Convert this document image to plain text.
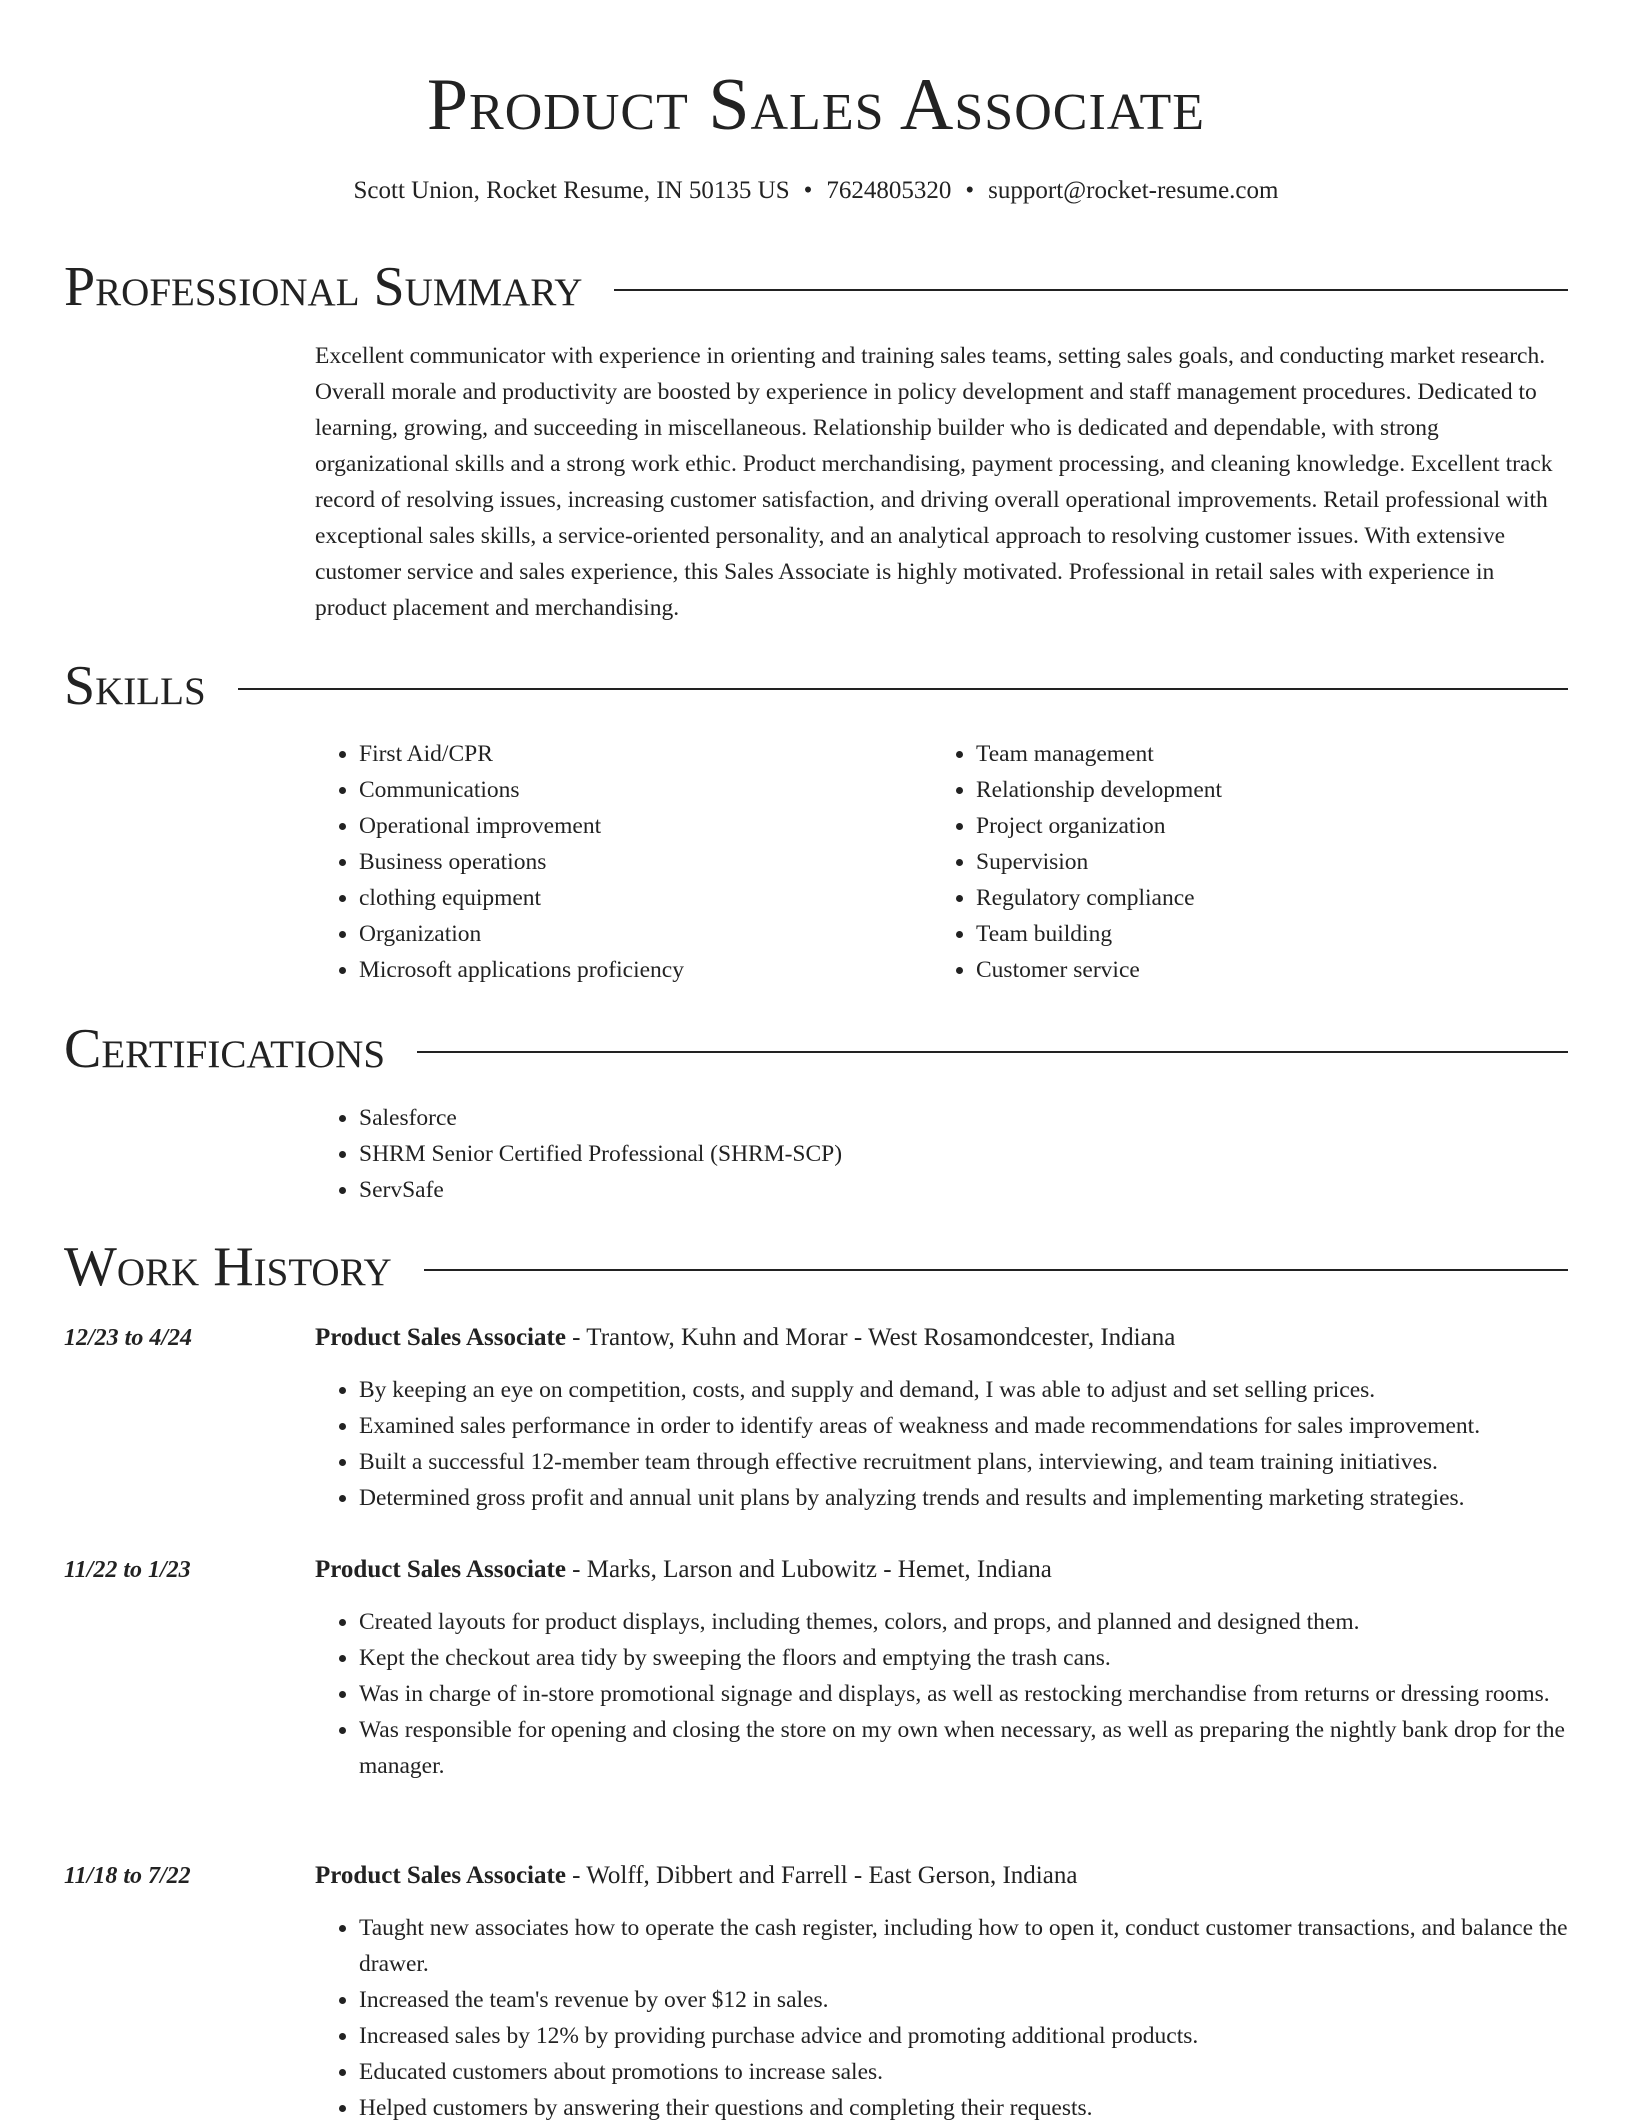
Product Sales Associate
Scott Union, Rocket Resume, IN 50135 US • 7624805320 • support@rocket-resume.com
Professional Summary
Excellent communicator with experience in orienting and training sales teams, setting sales goals, and conducting market research. Overall morale and productivity are boosted by experience in policy development and staff management procedures. Dedicated to learning, growing, and succeeding in miscellaneous. Relationship builder who is dedicated and dependable, with strong organizational skills and a strong work ethic. Product merchandising, payment processing, and cleaning knowledge. Excellent track record of resolving issues, increasing customer satisfaction, and driving overall operational improvements. Retail professional with exceptional sales skills, a service-oriented personality, and an analytical approach to resolving customer issues. With extensive customer service and sales experience, this Sales Associate is highly motivated. Professional in retail sales with experience in product placement and merchandising.
Skills
• First Aid/CPR
• Communications
• Operational improvement
• Business operations
• clothing equipment
• Organization
• Microsoft applications proficiency
• Team management
• Relationship development
• Project organization
• Supervision
• Regulatory compliance
• Team building
• Customer service
Certifications
• Salesforce
• SHRM Senior Certified Professional (SHRM-SCP)
• ServSafe
Work History
12/23 to 4/24	Product Sales Associate - Trantow, Kuhn and Morar - West Rosamondcester, Indiana
• By keeping an eye on competition, costs, and supply and demand, I was able to adjust and set selling prices.
• Examined sales performance in order to identify areas of weakness and made recommendations for sales improvement.
• Built a successful 12-member team through effective recruitment plans, interviewing, and team training initiatives.
• Determined gross profit and annual unit plans by analyzing trends and results and implementing marketing strategies.
11/22 to 1/23	Product Sales Associate - Marks, Larson and Lubowitz - Hemet, Indiana
• Created layouts for product displays, including themes, colors, and props, and planned and designed them.
• Kept the checkout area tidy by sweeping the floors and emptying the trash cans.
• Was in charge of in-store promotional signage and displays, as well as restocking merchandise from returns or dressing rooms.
• Was responsible for opening and closing the store on my own when necessary, as well as preparing the nightly bank drop for the manager.
11/18 to 7/22	Product Sales Associate - Wolff, Dibbert and Farrell - East Gerson, Indiana
• Taught new associates how to operate the cash register, including how to open it, conduct customer transactions, and balance the drawer.
• Increased the team's revenue by over $12 in sales.
• Increased sales by 12% by providing purchase advice and promoting additional products.
• Educated customers about promotions to increase sales.
• Helped customers by answering their questions and completing their requests.
